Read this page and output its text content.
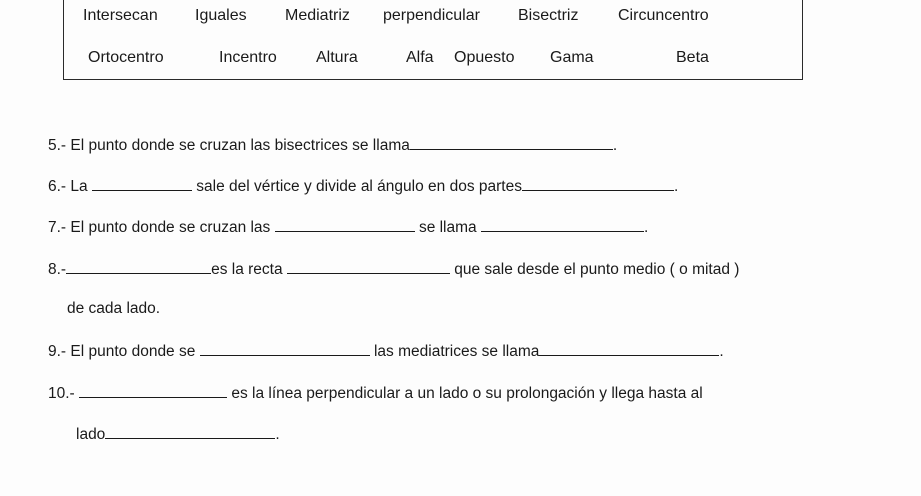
Intersecan Iguales Mediatriz perpendicular Bisectriz Circuncentro
Ortocentro	Incentro Altura	Alfa Opuesto Gama	Beta
5.- El punto donde se cruzan las bisectrices se llama	.
6.- La	sale del vértice y divide al ángulo en dos partes	.
7.- El punto donde se cruzan las	se llama	.
8.-	es la recta	que sale desde el punto medio ( o mitad )
de cada lado.
9.- El punto donde se	las mediatrices se llama	.
10.-	es la línea perpendicular a un lado o su prolongación y llega hasta al
lado	.
